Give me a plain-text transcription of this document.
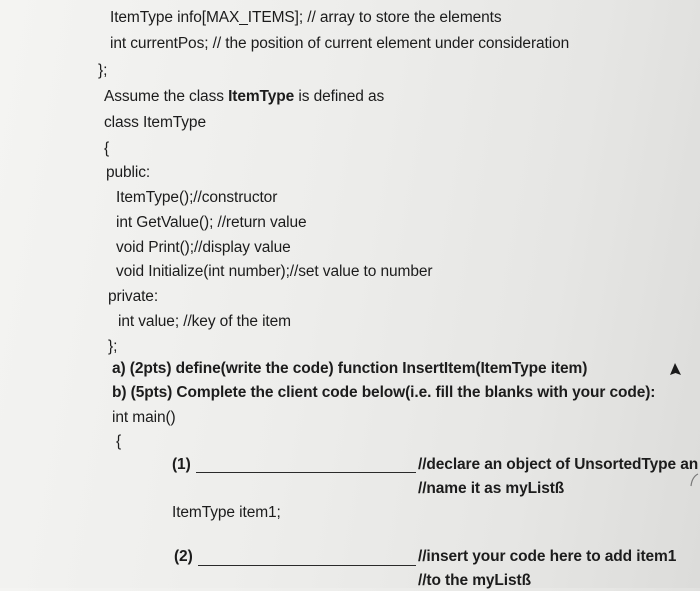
ItemType info[MAX_ITEMS]; // array to store the elements
int currentPos; // the position of current element under consideration
};
Assume the class ItemType is defined as
class ItemType
{
public:
ItemType();//constructor
int GetValue(); //return value
void Print();//display value
void Initialize(int number);//set value to number
private:
int value; //key of the item
};
a) (2pts) define(write the code) function InsertItem(ItemType item)
b) (5pts) Complete the client code below(i.e. fill the blanks with your code):
int main()
{
(1)	//declare an object of UnsortedType an
//name it as myListß
ItemType item1;
(2)	//insert your code here to add item1
//to the myListß
